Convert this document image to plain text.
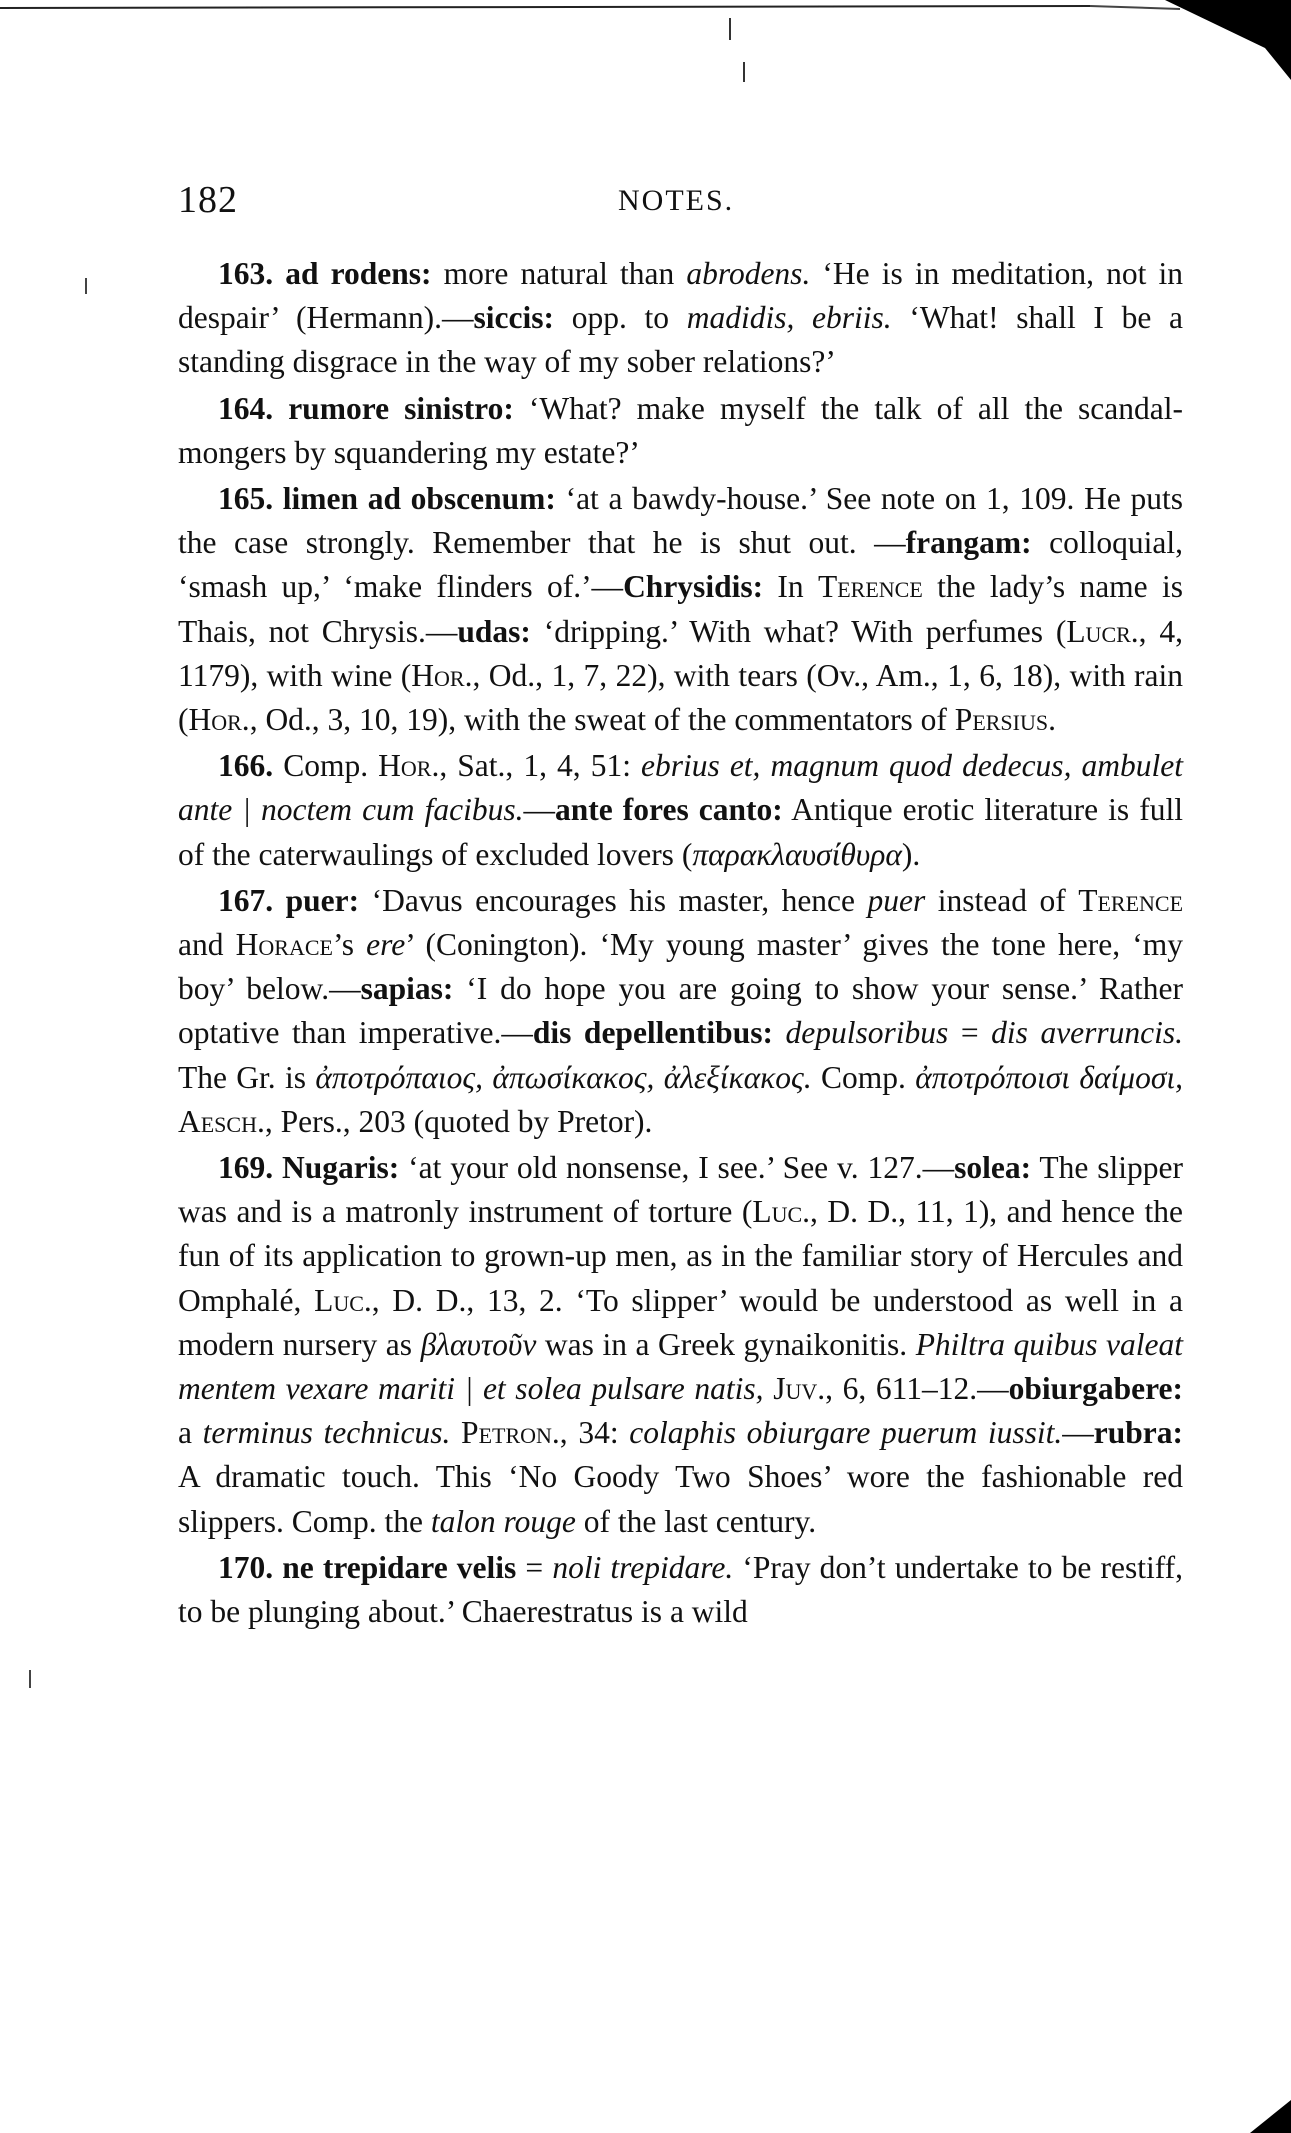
182	NOTES.

163. ad rodens: more natural than abrodens. ‘He is in meditation, not in despair’ (Hermann).—siccis: opp. to madidis, ebriis. ‘What! shall I be a standing disgrace in the way of my sober relations?’

164. rumore sinistro: ‘What? make myself the talk of all the scandal-mongers by squandering my estate?’

165. limen ad obscenum: ‘at a bawdy-house.’ See note on 1, 109. He puts the case strongly. Remember that he is shut out. —frangam: colloquial, ‘smash up,’ ‘make flinders of.’—Chrysidis: In Terence the lady’s name is Thais, not Chrysis.—udas: ‘dripping.’ With what? With perfumes (Lucr., 4, 1179), with wine (Hor., Od., 1, 7, 22), with tears (Ov., Am., 1, 6, 18), with rain (Hor., Od., 3, 10, 19), with the sweat of the commentators of Persius.

166. Comp. Hor., Sat., 1, 4, 51: ebrius et, magnum quod dedecus, ambulet ante | noctem cum facibus.—ante fores canto: Antique erotic literature is full of the caterwaulings of excluded lovers (παρακλαυσίθυρα).

167. puer: ‘Davus encourages his master, hence puer instead of Terence and Horace’s ere’ (Conington). ‘My young master’ gives the tone here, ‘my boy’ below.—sapias: ‘I do hope you are going to show your sense.’ Rather optative than imperative.—dis depellentibus: depulsoribus = dis averruncis. The Gr. is ἀποτρόπαιος, ἀπωσίκακος, ἀλεξίκακος. Comp. ἀποτρόποισι δαίμοσι, Aesch., Pers., 203 (quoted by Pretor).

169. Nugaris: ‘at your old nonsense, I see.’ See v. 127.—solea: The slipper was and is a matronly instrument of torture (Luc., D. D., 11, 1), and hence the fun of its application to grown-up men, as in the familiar story of Hercules and Omphalé, Luc., D. D., 13, 2. ‘To slipper’ would be understood as well in a modern nursery as βλαυτοῦν was in a Greek gynaikonitis. Philtra quibus valeat mentem vexare mariti | et solea pulsare natis, Juv., 6, 611–12.—obiurgabere: a terminus technicus. Petron., 34: colaphis obiurgare puerum iussit.—rubra: A dramatic touch. This ‘No Goody Two Shoes’ wore the fashionable red slippers. Comp. the talon rouge of the last century.

170. ne trepidare velis = noli trepidare. ‘Pray don’t undertake to be restiff, to be plunging about.’ Chaerestratus is a wild
